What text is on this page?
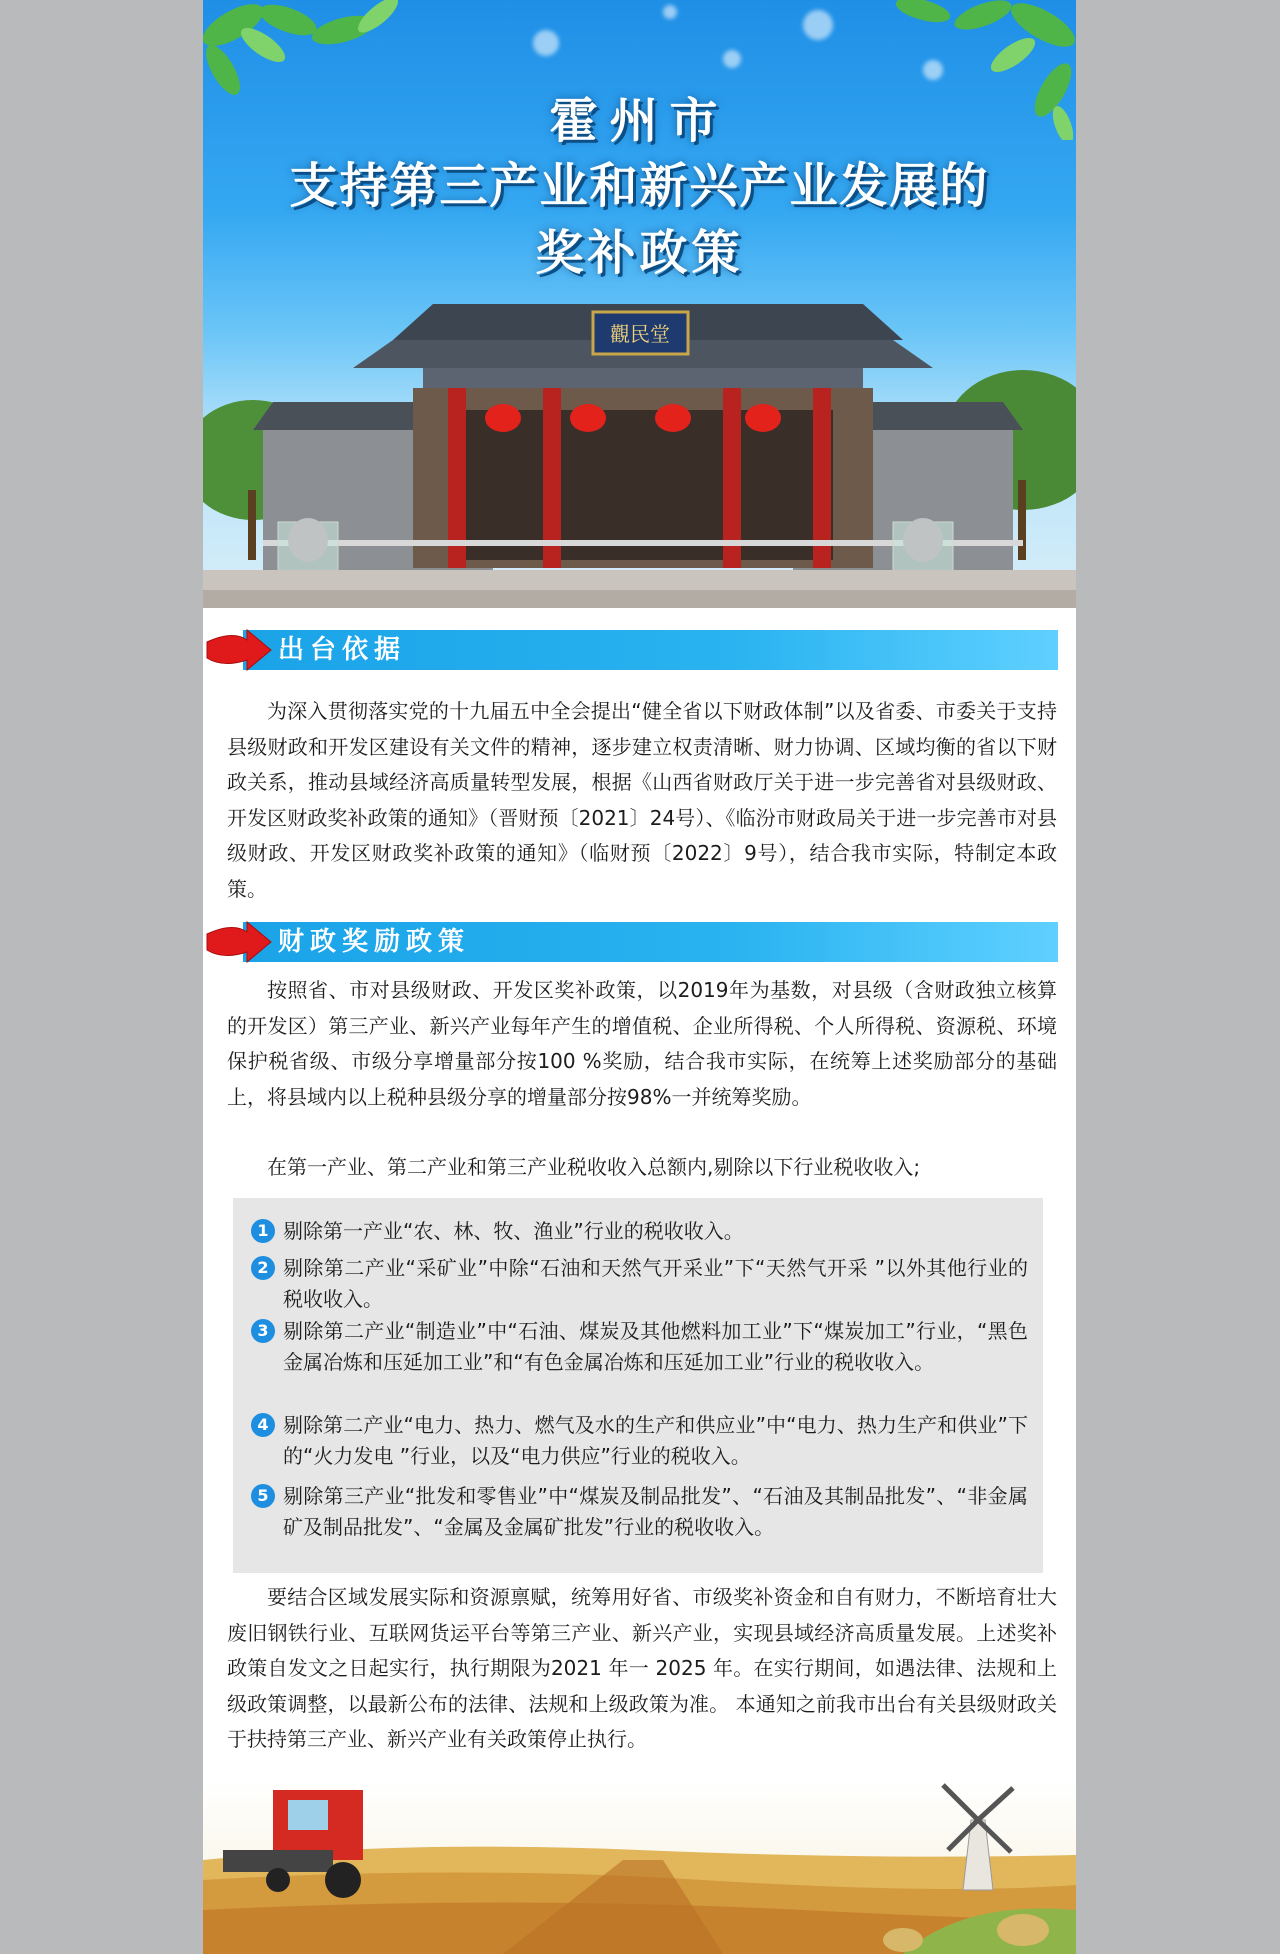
霍州市
支持第三产业和新兴产业发展的
奖补政策
觀民堂
出台依据
为深入贯彻落实党的十九届五中全会提出“健全省以下财政体制”以及省委、市委关于支持县级财政和开发区建设有关文件的精神，逐步建立权责清晰、财力协调、区域均衡的省以下财政关系，推动县域经济高质量转型发展，根据《山西省财政厅关于进一步完善省对县级财政、开发区财政奖补政策的通知》（晋财预〔2021〕24号）、《临汾市财政局关于进一步完善市对县级财政、开发区财政奖补政策的通知》（临财预〔2022〕9号），结合我市实际，特制定本政策。
财政奖励政策
按照省、市对县级财政、开发区奖补政策，以2019年为基数，对县级（含财政独立核算的开发区）第三产业、新兴产业每年产生的增值税、企业所得税、个人所得税、资源税、环境保护税省级、市级分享增量部分按100 %奖励，结合我市实际，在统筹上述奖励部分的基础上，将县域内以上税种县级分享的增量部分按98%一并统筹奖励。
在第一产业、第二产业和第三产业税收收入总额内,剔除以下行业税收收入;
1 剔除第一产业“农、林、牧、渔业”行业的税收收入。
2 剔除第二产业“采矿业”中除“石油和天然气开采业”下“天然气开采 ”以外其他行业的税收收入。
3 剔除第二产业“制造业”中“石油、煤炭及其他燃料加工业”下“煤炭加工”行业，“黑色金属冶炼和压延加工业”和“有色金属冶炼和压延加工业”行业的税收收入。
4 剔除第二产业“电力、热力、燃气及水的生产和供应业”中“电力、热力生产和供业”下的“火力发电 ”行业，以及“电力供应”行业的税收入。
5 剔除第三产业“批发和零售业”中“煤炭及制品批发”、“石油及其制品批发”、“非金属矿及制品批发”、“金属及金属矿批发”行业的税收收入。
要结合区域发展实际和资源禀赋，统筹用好省、市级奖补资金和自有财力，不断培育壮大废旧钢铁行业、互联网货运平台等第三产业、新兴产业，实现县域经济高质量发展。上述奖补政策自发文之日起实行，执行期限为2021 年一 2025 年。在实行期间，如遇法律、法规和上级政策调整，以最新公布的法律、法规和上级政策为准。 本通知之前我市出台有关县级财政关于扶持第三产业、新兴产业有关政策停止执行。
